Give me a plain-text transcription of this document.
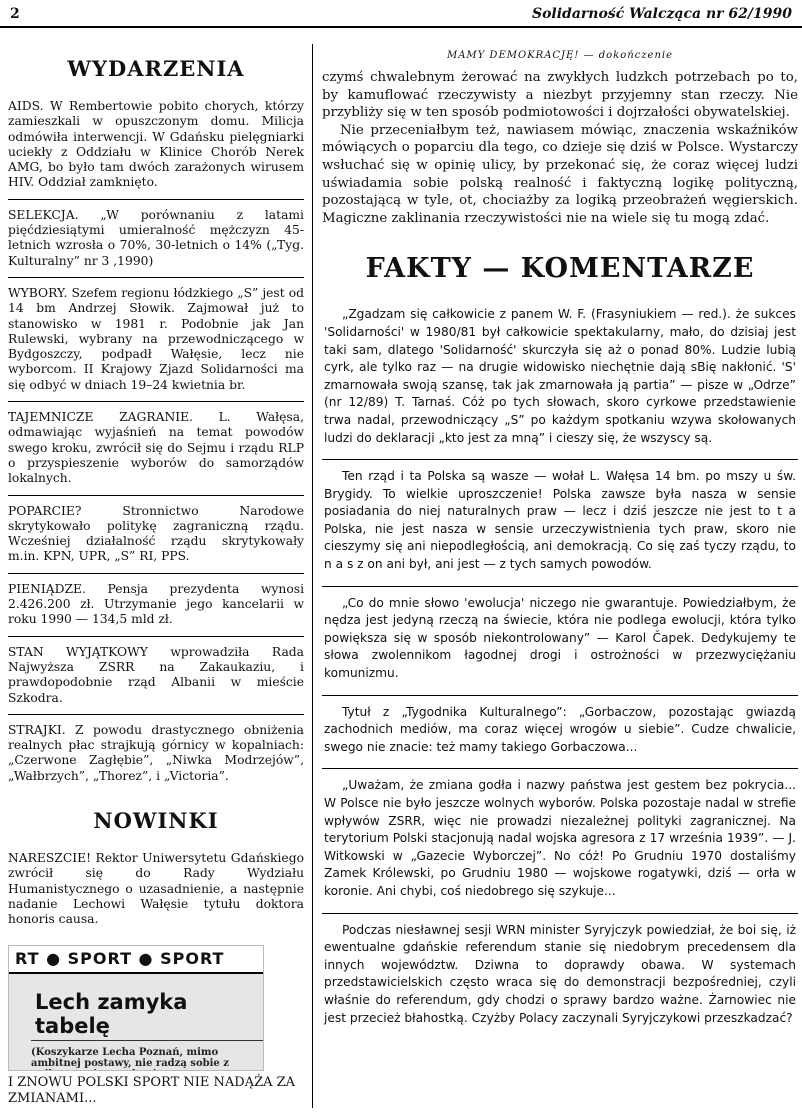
2	Solidarność Walcząca nr 62/1990
WYDARZENIA
AIDS. W Rembertowie pobito chorych, którzy zamieszkali w opuszczonym domu. Milicja odmówiła interwencji. W Gdańsku pielęgniarki uciekły z Oddziału w Klinice Chorób Nerek AMG, bo było tam dwóch zarażonych wirusem HIV. Oddział zamknięto.
SELEKCJA. „W porównaniu z latami pięćdziesiątymi umieralność mężczyzn 45-letnich wzrosła o 70%, 30-letnich o 14% („Tyg. Kulturalny” nr 3 ,1990)
WYBORY. Szefem regionu łódzkiego „S” jest od 14 bm Andrzej Słowik. Zajmował już to stanowisko w 1981 r. Podobnie jak Jan Rulewski, wybrany na przewodniczącego w Bydgoszczy, podpadł Wałęsie, lecz nie wyborcom. II Krajowy Zjazd Solidarności ma się odbyć w dniach 19–24 kwietnia br.
TAJEMNICZE ZAGRANIE. L. Wałęsa, odmawiając wyjaśnień na temat powodów swego kroku, zwrócił się do Sejmu i rządu RLP o przyspieszenie wyborów do samorządów lokalnych.
POPARCIE? Stronnictwo Narodowe skrytykowało politykę zagraniczną rządu. Wcześniej działalność rządu skrytykowały m.in. KPN, UPR, „S” RI, PPS.
PIENIĄDZE. Pensja prezydenta wynosi 2.426.200 zł. Utrzymanie jego kancelarii w roku 1990 — 134,5 mld zł.
STAN WYJĄTKOWY wprowadziła Rada Najwyższa ZSRR na Zakaukaziu, i prawdopodobnie rząd Albanii w mieście Szkodra.
STRAJKI. Z powodu drastycznego obniżenia realnych płac strajkują górnicy w kopalniach: „Czerwone Zagłębie”, „Niwka Modrzejów”, „Wałbrzych”, „Thorez”, i „Victoria”.
NOWINKI
NARESZCIE! Rektor Uniwersytetu Gdańskiego zwrócił się do Rady Wydziału Humanistycznego o uzasadnienie, a następnie nadanie Lechowi Wałęsie tytułu doktora honoris causa.
RT ● SPORT ● SPORT
Lech zamyka tabelę
(Koszykarze Lecha Poznań, mimo ambitnej postawy, nie radzą sobie z
I ZNOWU POLSKI SPORT NIE NADĄŻA ZA ZMIANAMI...
MAMY DEMOKRACJĘ! — dokończenie

czymś chwalebnym żerować na zwykłych ludzkch potrzebach po to, by kamuflować rzeczywisty a niezbyt przyjemny stan rzeczy. Nie przybliży się w ten sposób podmiotowości i dojrzałości obywatelskiej.

Nie przeceniałbym też, nawiasem mówiąc, znaczenia wskaźników mówiących o poparciu dla tego, co dzieje się dziś w Polsce. Wystarczy wsłuchać się w opinię ulicy, by przekonać się, że coraz więcej ludzi uświadamia sobie polską realność i faktyczną logikę polityczną, pozostającą w tyle, ot, chociażby za logiką przeobrażeń węgierskich. Magiczne zaklinania rzeczywistości nie na wiele się tu mogą zdać.

FAKTY — KOMENTARZE

„Zgadzam się całkowicie z panem W. F. (Frasyniukiem — red.). że sukces 'Solidarności' w 1980/81 był całkowicie spektakularny, mało, do dzisiaj jest taki sam, dlatego 'Solidarność' skurczyła się aż o ponad 80%. Ludzie lubią cyrk, ale tylko raz — na drugie widowisko niechętnie dają sBię nakłonić. 'S' zmarnowała swoją szansę, tak jak zmarnowała ją partia” — pisze w „Odrze” (nr 12/89) T. Tarnaś. Cóż po tych słowach, skoro cyrkowe przedstawienie trwa nadal, przewodniczący „S” po każdym spotkaniu wzywa skołowanych ludzi do deklaracji „kto jest za mną” i cieszy się, że wszyscy są.

Ten rząd i ta Polska są wasze — wołał L. Wałęsa 14 bm. po mszy u św. Brygidy. To wielkie uproszczenie! Polska zawsze była nasza w sensie posiadania do niej naturalnych praw — lecz i dziś jeszcze nie jest to t a Polska, nie jest nasza w sensie urzeczywistnienia tych praw, skoro nie cieszymy się ani niepodległością, ani demokracją. Co się zaś tyczy rządu, to n a s z on ani był, ani jest — z tych samych powodów.

„Co do mnie słowo 'ewolucja' niczego nie gwarantuje. Powiedziałbym, że nędza jest jedyną rzeczą na świecie, która nie podlega ewolucji, która tylko powiększa się w sposób niekontrolowany” — Karol Čapek. Dedykujemy te słowa zwolennikom łagodnej drogi i ostrożności w przezwyciężaniu komunizmu.

Tytuł z „Tygodnika Kulturalnego”: „Gorbaczow, pozostając gwiazdą zachodnich mediów, ma coraz więcej wrogów u siebie”. Cudze chwalicie, swego nie znacie: też mamy takiego Gorbaczowa...

„Uważam, że zmiana godła i nazwy państwa jest gestem bez pokrycia... W Polsce nie było jeszcze wolnych wyborów. Polska pozostaje nadal w strefie wpływów ZSRR, więc nie prowadzi niezależnej polityki zagranicznej. Na terytorium Polski stacjonują nadal wojska agresora z 17 września 1939”. — J. Witkowski w „Gazecie Wyborczej”. No cóż! Po Grudniu 1970 dostaliśmy Zamek Królewski, po Grudniu 1980 — wojskowe rogatywki, dziś — orła w koronie. Ani chybi, coś niedobrego się szykuje...

Podczas niesławnej sesji WRN minister Syryjczyk powiedział, że boi się, iż ewentualne gdańskie referendum stanie się niedobrym precedensem dla innych województw. Dziwna to doprawdy obawa. W systemach przedstawicielskich często wraca się do demonstracji bezpośredniej, czyli właśnie do referendum, gdy chodzi o sprawy bardzo ważne. Żarnowiec nie jest przecież błahostką. Czyżby Polacy zaczynali Syryjczykowi przeszkadzać?
